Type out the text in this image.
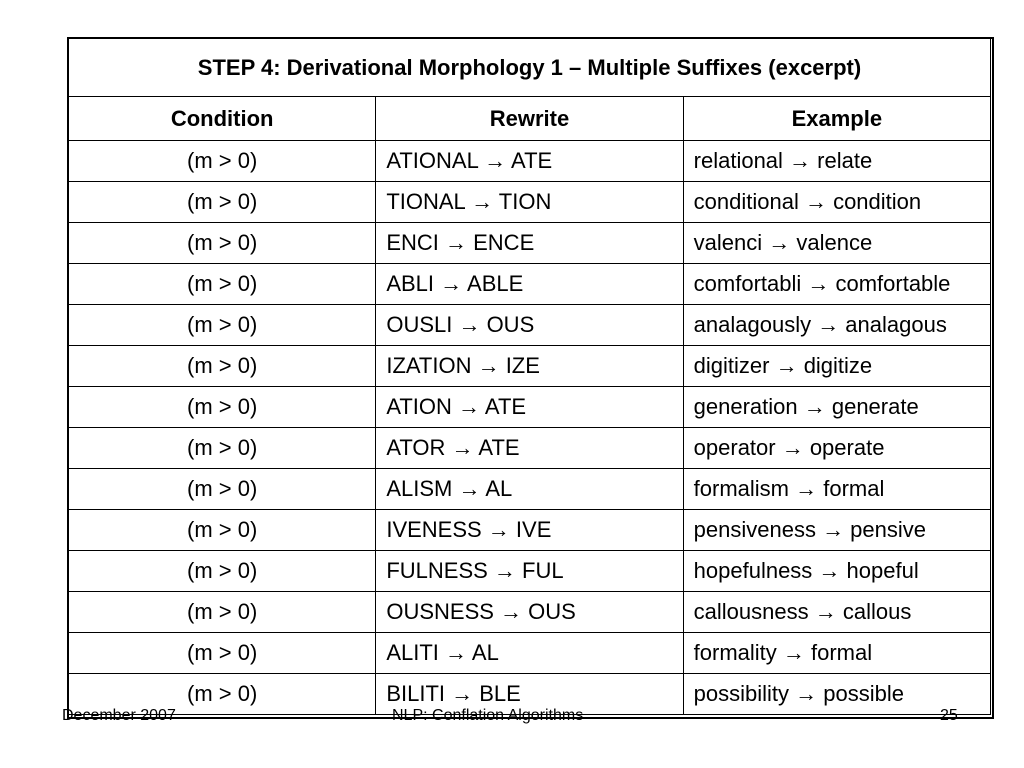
STEP 4: Derivational Morphology 1 – Multiple Suffixes (excerpt)		
Condition	Rewrite	Example
(m > 0)	ATIONAL → ATE	relational → relate
(m > 0)	TIONAL → TION	conditional → condition
(m > 0)	ENCI → ENCE	valenci → valence
(m > 0)	ABLI → ABLE	comfortabli → comfortable
(m > 0)	OUSLI → OUS	analagously → analagous
(m > 0)	IZATION → IZE	digitizer → digitize
(m > 0)	ATION → ATE	generation → generate
(m > 0)	ATOR → ATE	operator → operate
(m > 0)	ALISM → AL	formalism → formal
(m > 0)	IVENESS → IVE	pensiveness → pensive
(m > 0)	FULNESS → FUL	hopefulness → hopeful
(m > 0)	OUSNESS → OUS	callousness → callous
(m > 0)	ALITI → AL	formality → formal
(m > 0)	BILITI → BLE	possibility → possible
December 2007	NLP: Conflation Algorithms	25
